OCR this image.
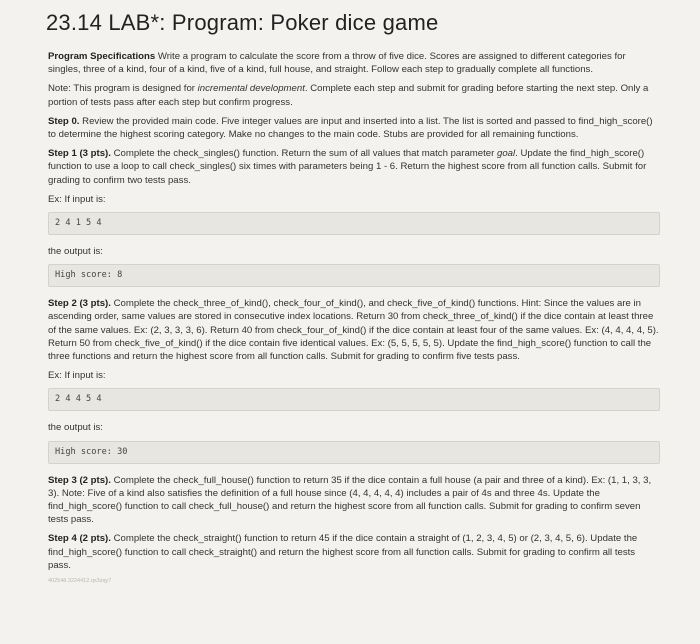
23.14 LAB*: Program: Poker dice game

Program Specifications Write a program to calculate the score from a throw of five dice. Scores are assigned to different categories for singles, three of a kind, four of a kind, five of a kind, full house, and straight. Follow each step to gradually complete all functions.

Note: This program is designed for incremental development. Complete each step and submit for grading before starting the next step. Only a portion of tests pass after each step but confirm progress.

Step 0. Review the provided main code. Five integer values are input and inserted into a list. The list is sorted and passed to find_high_score() to determine the highest scoring category. Make no changes to the main code. Stubs are provided for all remaining functions.

Step 1 (3 pts). Complete the check_singles() function. Return the sum of all values that match parameter goal. Update the find_high_score() function to use a loop to call check_singles() six times with parameters being 1 - 6. Return the highest score from all function calls. Submit for grading to confirm two tests pass.

Ex: If input is:

2 4 1 5 4

the output is:

High score: 8

Step 2 (3 pts). Complete the check_three_of_kind(), check_four_of_kind(), and check_five_of_kind() functions. Hint: Since the values are in ascending order, same values are stored in consecutive index locations. Return 30 from check_three_of_kind() if the dice contain at least three of the same values. Ex: (2, 3, 3, 3, 6). Return 40 from check_four_of_kind() if the dice contain at least four of the same values. Ex: (4, 4, 4, 4, 5). Return 50 from check_five_of_kind() if the dice contain five identical values. Ex: (5, 5, 5, 5, 5). Update the find_high_score() function to call the three functions and return the highest score from all function calls. Submit for grading to confirm five tests pass.

Ex: If input is:

2 4 4 5 4

the output is:

High score: 30

Step 3 (2 pts). Complete the check_full_house() function to return 35 if the dice contain a full house (a pair and three of a kind). Ex: (1, 1, 3, 3, 3). Note: Five of a kind also satisfies the definition of a full house since (4, 4, 4, 4, 4) includes a pair of 4s and three 4s. Update the find_high_score() function to call check_full_house() and return the highest score from all function calls. Submit for grading to confirm seven tests pass.

Step 4 (2 pts). Complete the check_straight() function to return 45 if the dice contain a straight of (1, 2, 3, 4, 5) or (2, 3, 4, 5, 6). Update the find_high_score() function to call check_straight() and return the highest score from all function calls. Submit for grading to confirm all tests pass.

402548.3224412.qx3zqy7
